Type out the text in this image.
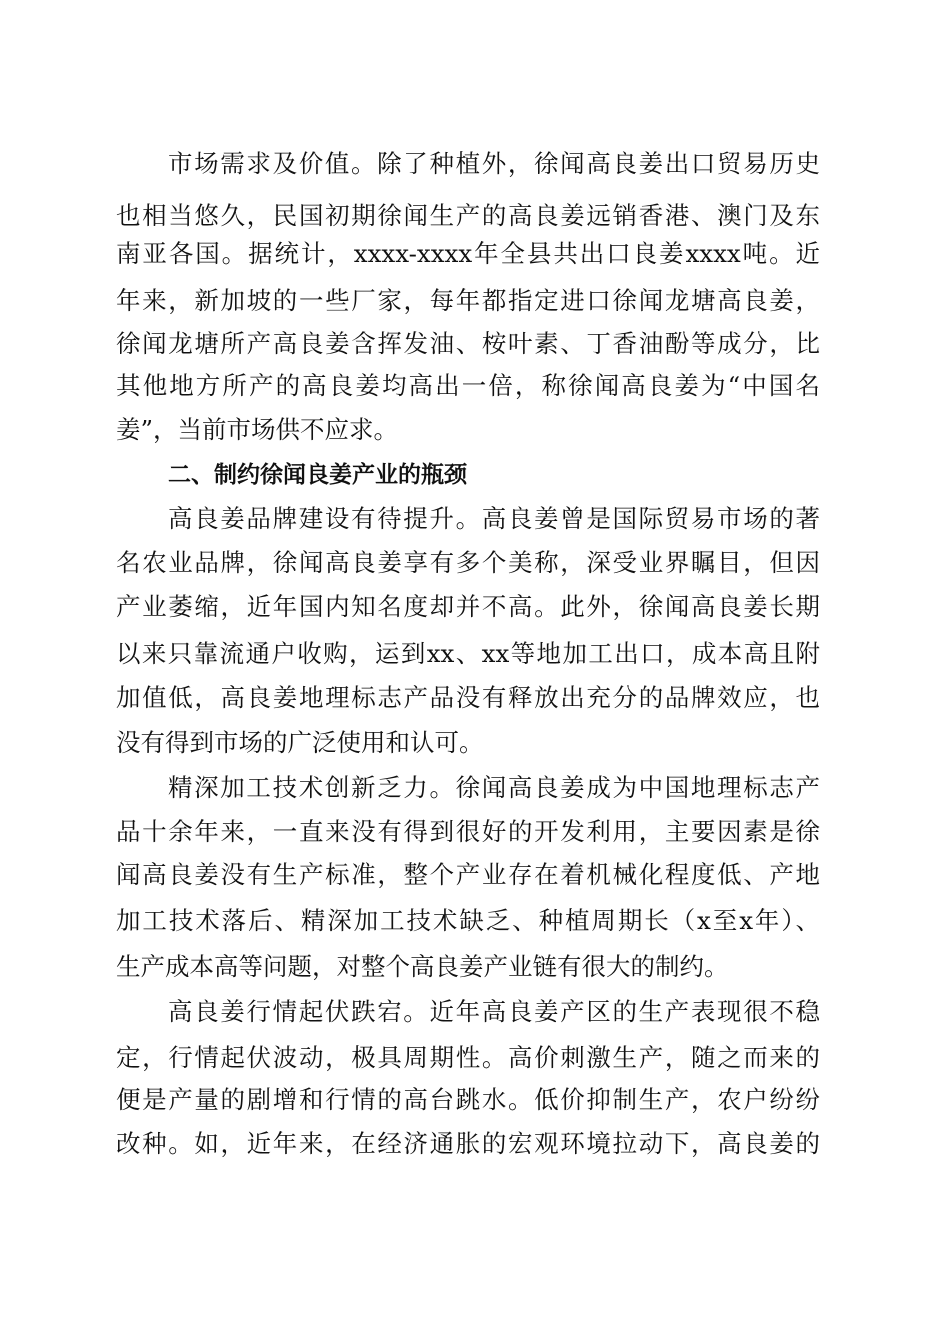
市场需求及价值。除了种植外，徐闻高良姜出口贸易历史
也相当悠久，民国初期徐闻生产的高良姜远销香港、澳门及东
南亚各国。据统计，xxxx-xxxx年全县共出口良姜xxxx吨。近
年来，新加坡的一些厂家，每年都指定进口徐闻龙塘高良姜，
徐闻龙塘所产高良姜含挥发油、桉叶素、丁香油酚等成分，比
其他地方所产的高良姜均高出一倍，称徐闻高良姜为“中国名
姜”，当前市场供不应求。
二、制约徐闻良姜产业的瓶颈
高良姜品牌建设有待提升。高良姜曾是国际贸易市场的著
名农业品牌，徐闻高良姜享有多个美称，深受业界瞩目，但因
产业萎缩，近年国内知名度却并不高。此外，徐闻高良姜长期
以来只靠流通户收购，运到xx、xx等地加工出口，成本高且附
加值低，高良姜地理标志产品没有释放出充分的品牌效应，也
没有得到市场的广泛使用和认可。
精深加工技术创新乏力。徐闻高良姜成为中国地理标志产
品十余年来，一直来没有得到很好的开发利用，主要因素是徐
闻高良姜没有生产标准，整个产业存在着机械化程度低、产地
加工技术落后、精深加工技术缺乏、种植周期长（x至x年）、
生产成本高等问题，对整个高良姜产业链有很大的制约。
高良姜行情起伏跌宕。近年高良姜产区的生产表现很不稳
定，行情起伏波动，极具周期性。高价刺激生产，随之而来的
便是产量的剧增和行情的高台跳水。低价抑制生产，农户纷纷
改种。如，近年来，在经济通胀的宏观环境拉动下，高良姜的
